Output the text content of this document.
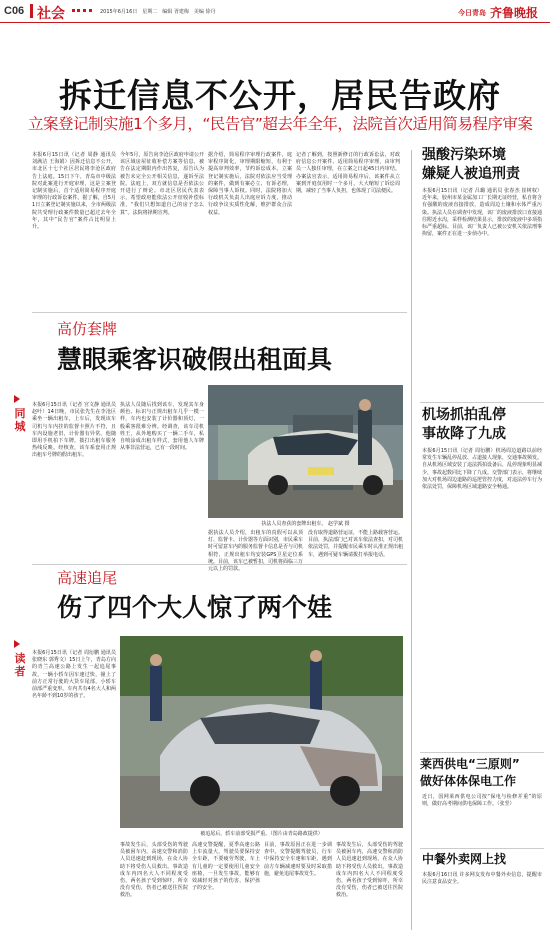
C06 社会	2015年6月16日　星期二　编辑 胥建梅　美编 徐丹	今日青岛 齐鲁晚报
拆迁信息不公开，居民告政府
立案登记制实施1个多月，“民告官”超去年全年，法院首次适用简易程序审案
本报6月15日讯（记者 周静 通讯员 刘满洁 王海娟）因拆迁信息不公开，市北区十七个社区居民将李沧区政府告上法庭。15日下午，青岛市中级法院对此案进行开庭审理，这是立案登记制实施后，首个适用简易程序开庭审理的行政诉讼案件。据了解，自5月1日立案登记制实施以来，全市两级法院共受理行政案件数量已超过去年全年，其中“民告官”案件占比明显上升。
今年5月，原告向李沧区政府申请公开该区域房屋征收补偿方案等信息，被告在法定期限内作出答复，原告认为被告未完全公开相关信息，遂诉至法院。法庭上，双方就信息是否依法公开进行了辩论。市北区居民代表表示，希望政府能依法公开征收补偿标准，“我们只想知道自己的房子怎么算”。法院将择期宣判。
据介绍，简易程序审理行政案件，庭审程序简化，审理期限缩短，有利于提高审判效率，节约诉讼成本。立案登记制实施后，法院对依法应当受理的案件，做到有案必立、有诉必理，保障当事人诉权。同时，法院将加大行政机关负责人出庭应诉力度，推动行政争议实质性化解，维护群众合法权益。
记者了解到，按照新修订的行政诉讼法，对政府信息公开案件、适用简易程序审理，由审判员一人独任审理，在立案之日起45日内审结。办案法官表示，适用简易程序后，该案件从立案到开庭仅用时一个多月，大大缩短了诉讼周期，减轻了当事人负担，也体现了司法便民。
高仿套牌
慧眼乘客识破假出租面具
同
城
本报6月15日讯（记者 宫文静 通讯员 赵叶）14日晚，市民张先生在李沧区乘坐一辆出租车，上车后，发现该车司机与车内挂的监督卡照片不符，且车内设施老旧，计价器有异常。他随即用手机拍下车牌，拨打出租车服务热线反映。经核查，该车系套用正规出租车号牌的假出租车。
执法人员随后找到该车，发现其车身颜色、标识与正规出租车几乎一模一样，车内也安装了计价器和顶灯，一般乘客很难分辨。经调查，该车司机姓王，从外地购买了一辆二手车，私自喷涂成出租车样式，套用他人车牌从事非法营运，已有一段时间。
执法人员查获的套牌出租车。 赵学斌 摄
据执法人员介绍，出租车的真假可以从顶灯、监督卡、计价器等方面识别，市民乘车时可留意车内的服务监督卡信息是否与司机相符，正规出租车均安装GPS卫星定位系统。目前，该车已被暂扣，司机将面临三万元以上的罚款。
没有取得道路营运证，不能上路载客营运。目前，执法部门已对该车依法查扣，对司机依法处罚，并提醒市民乘车时认准正规出租车，遇到可疑车辆请拨打举报电话。
高速追尾
伤了四个大人惊了两个娃
读
者
本报6月15日讯（记者 周衍鹏 通讯员 张晓东 郭秀文）15日上午，青岛方向的青兰高速公路上发生一起追尾事故，一辆小轿车因车速过快，撞上了前方正常行驶的大货车尾部，小轿车前部严重变形。车内共有4名大人和两名年龄不到10岁的孩子。
被追尾后，轿车前部受损严重。（图片由青岛路政提供）
事故发生后，头部受伤的驾驶员被困车内，高速交警和消防人员迅速赶到现场，在众人协助下将受伤人员救出。事故造成车内四名大人不同程度受伤，两名孩子受到惊吓，所幸没有受伤，伤者已被送往医院救治。
高速交警提醒，夏季高速公路上车流量大，驾驶员要保持安全车距，不要疲劳驾驶，车上有儿童的一定要使用儿童安全座椅，一旦发生事故，能够有效减轻对孩子的伤害，保护孩子的安全。
目前，事故原因正在进一步调查中。交警提醒驾驶员，行车中保持安全车速和车距，遇到前方车辆减速时要及时采取措施，避免追尾事故发生。
事故发生后，头部受伤的驾驶员被困车内，高速交警和消防人员迅速赶到现场，在众人协助下将受伤人员救出。事故造成车内四名大人不同程度受伤，两名孩子受到惊吓，所幸没有受伤，伤者已被送往医院救治。
强酸污染环境
嫌疑人被追刑责
本报6月15日讯（记者 吕璐 通讯员 张春杰 崔树权）近年来，胶州市某金属加工厂长期无证经营，私自将含有强酸的废液直接排放，造成周边土壤和水体严重污染。执法人员在调查中发现，该厂的废液排放口直接通往附近水沟，采样检测结果显示，排放的废液中多项指标严重超标。目前，该厂负责人已被公安机关依法刑事拘留，案件正在进一步侦办中。
机场抓拍乱停
事故降了九成
本报6月15日讯（记者 周衍鹏）机场周边道路以前经常发生车辆乱停乱放、占道接人现象，交通事故频发。自从机场区域安装了违法抓拍设备后，乱停现象明显减少，事故起数同比下降了九成。交警部门表示，将继续加大对机场周边道路的巡逻管控力度，对违法停车行为依法处罚，保障机场区域道路安全畅通。
莱西供电“三原则”
做好体体保电工作
近日，国网莱西供电公司按“保电与检修并重”的原则，做好高考期间供电保障工作。（张竖）
中餐外卖网上找
本报6月16日讯 许多网友发布中餐外卖信息，提醒市民注意食品安全。
